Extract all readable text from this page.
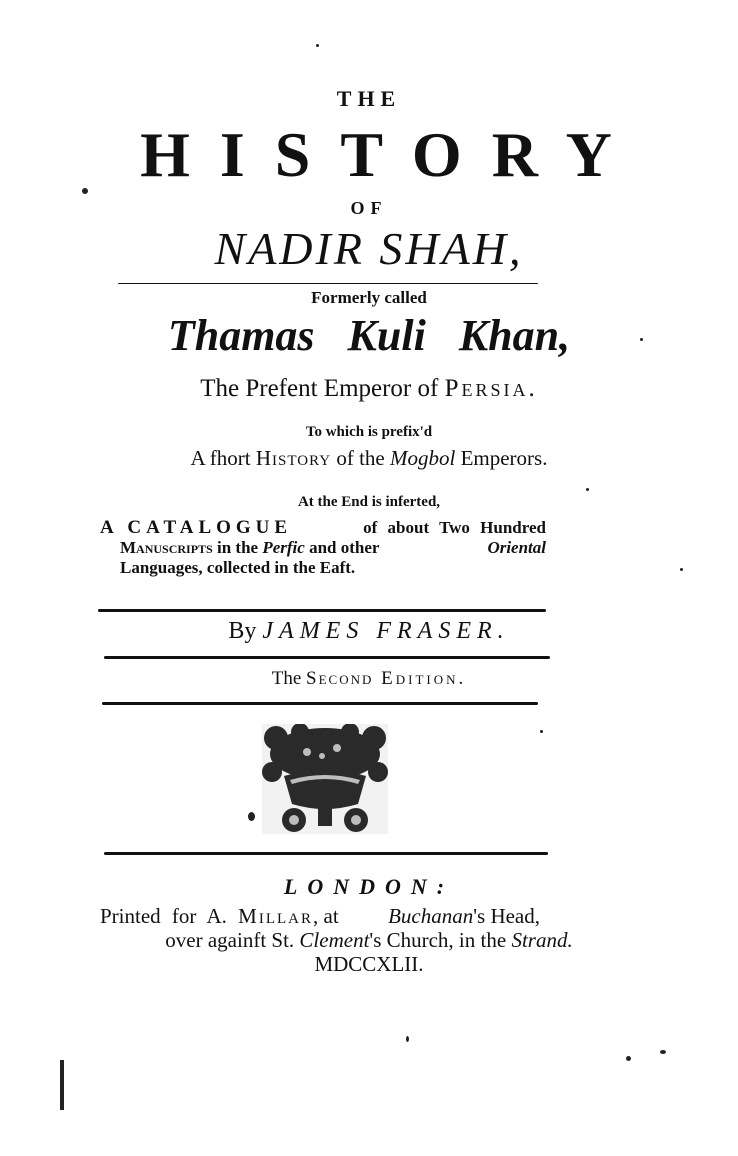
THE
HISTORY
OF
NADIR SHAH,
Formerly called
Thamas Kuli Khan,
The Prefent Emperor of Persia.
To which is prefix'd
A fhort History of the Mogbol Emperors.
At the End is inferted,
A CATALOGUE	of about Two Hundred
Manuscripts in the Perfic and other	Oriental
Languages, collected in the Eaft.
By JAMES FRASER.
The Second Edition.
LONDON:
Printed for A. Millar, at Buchanan's Head,
over againft St. Clement's Church, in the Strand.
MDCCXLII.
